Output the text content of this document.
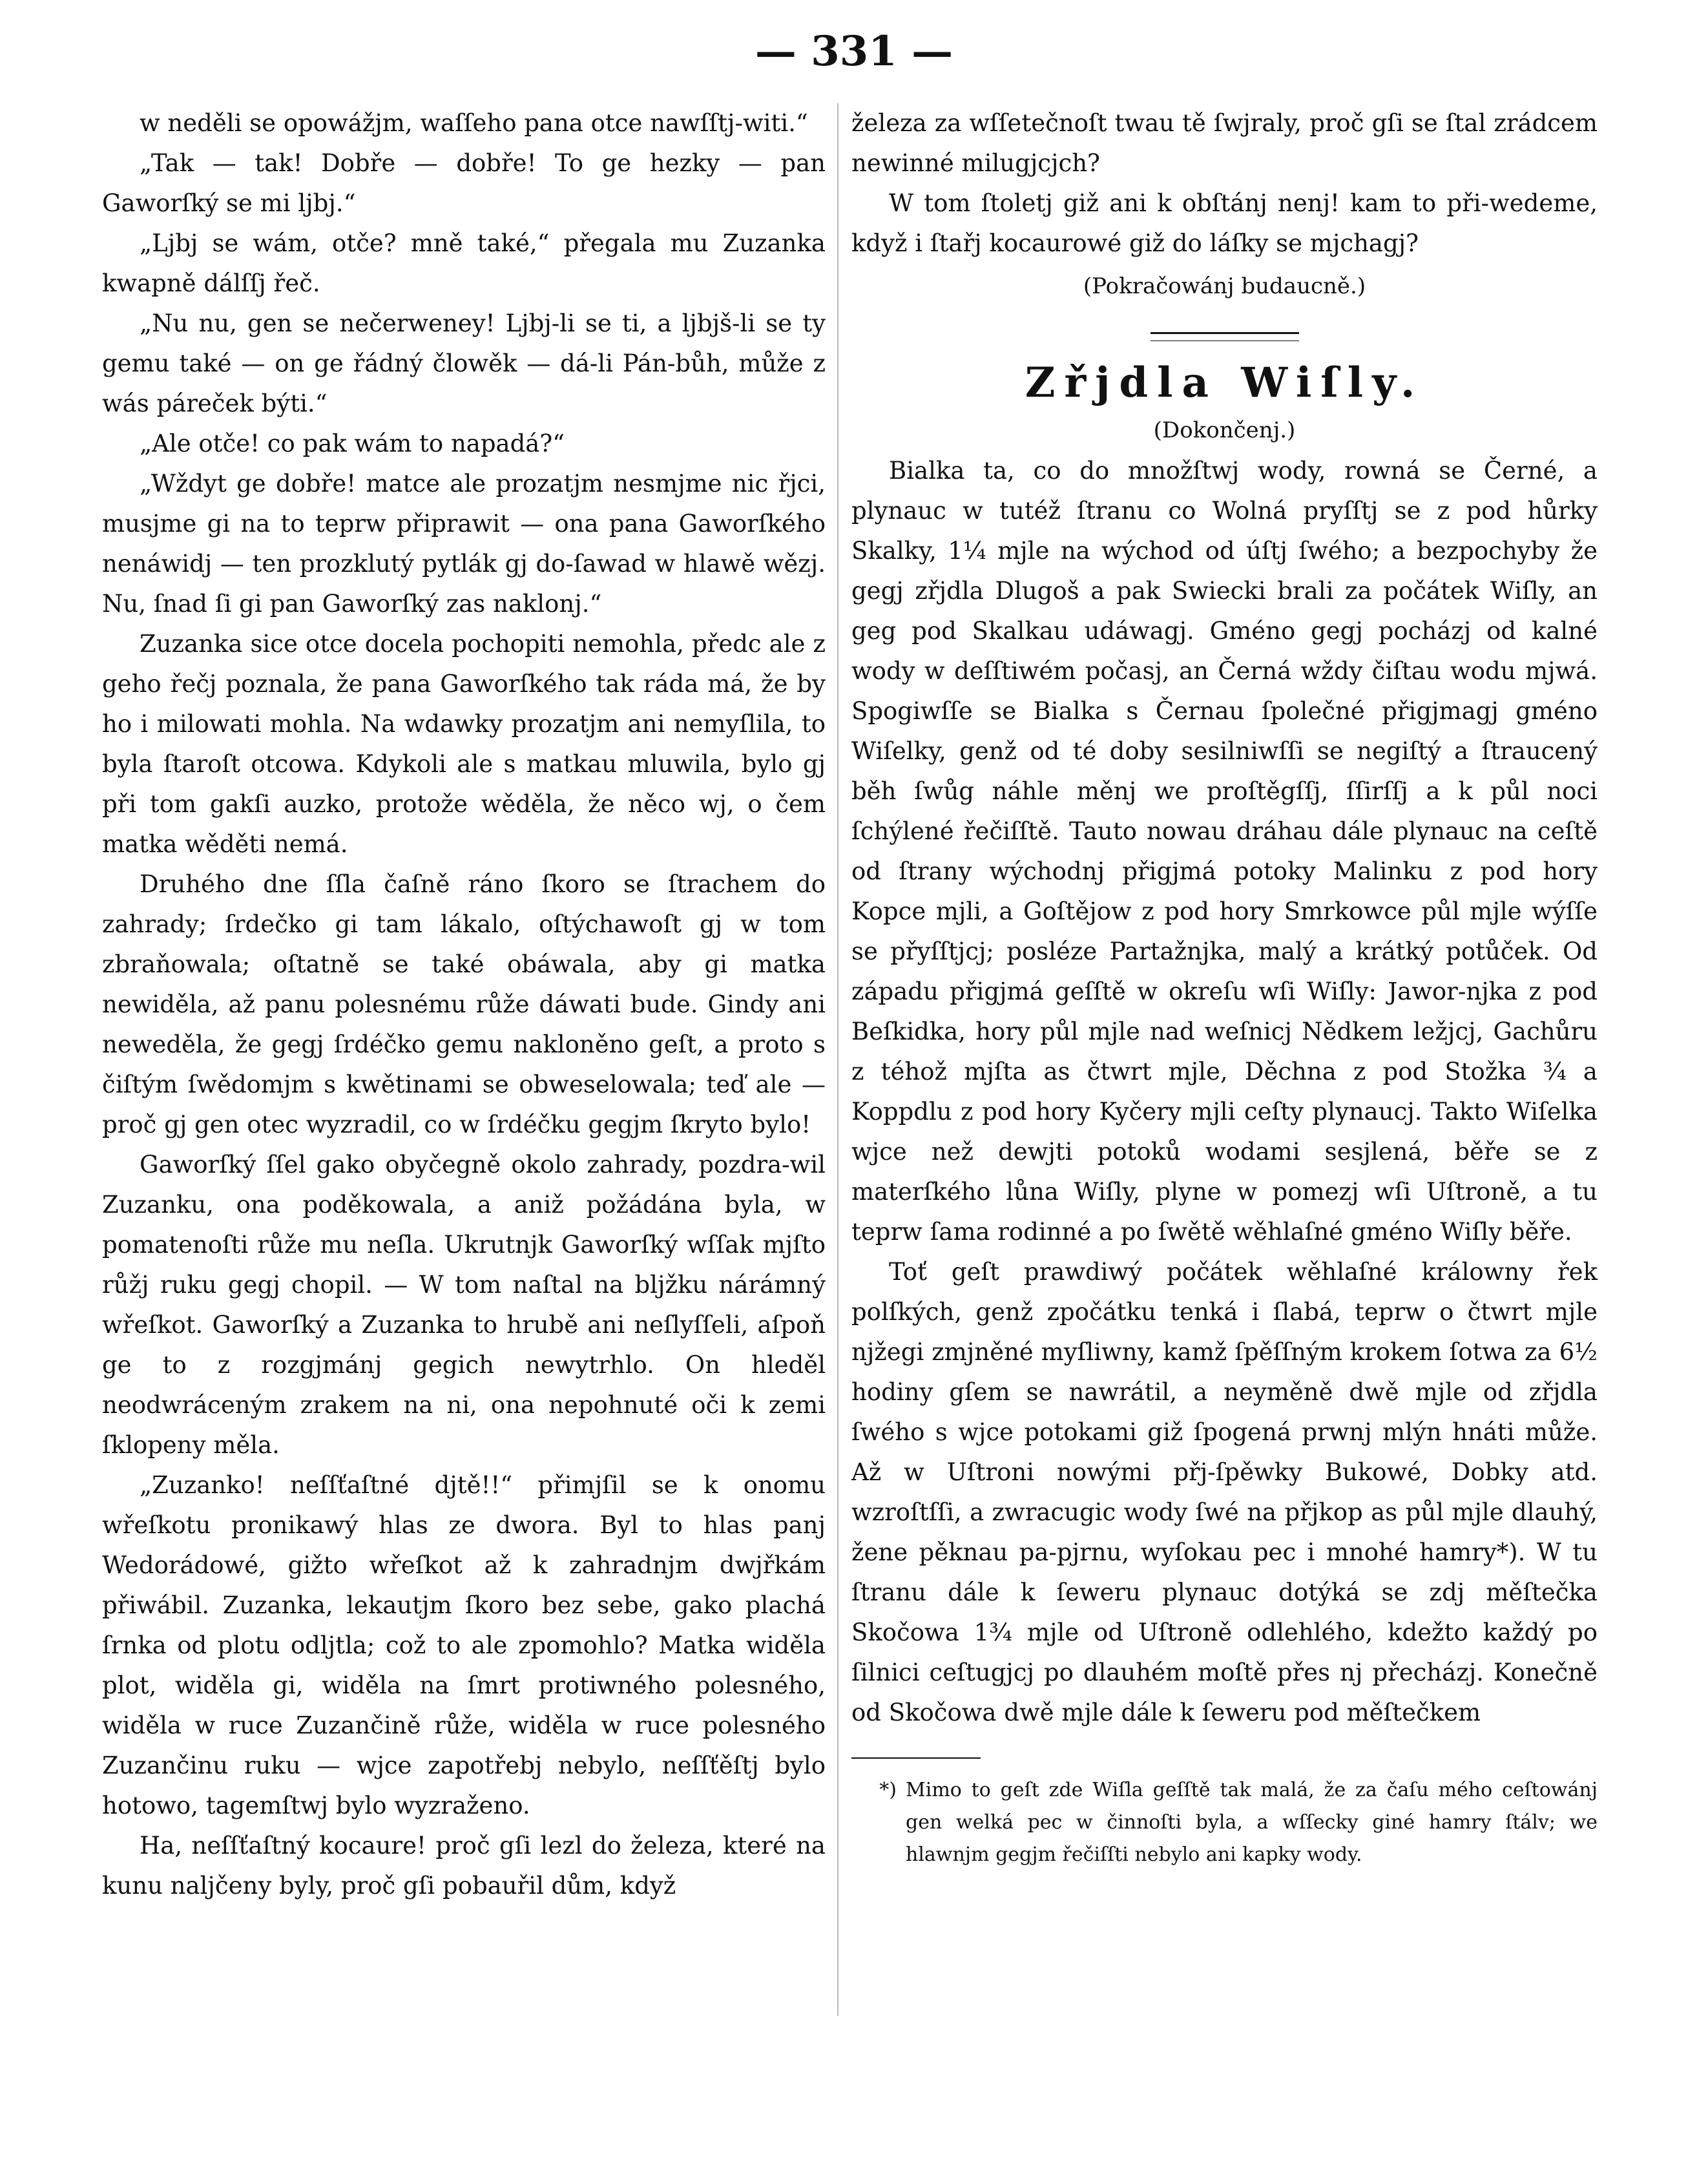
— 331 —

w neděli se opowážjm, waſſeho pana otce nawſſtj‑witi.“

„Tak — tak! Dobře — dobře! To ge hezky — pan Gaworſký se mi ljbj.“

„Ljbj se wám, otče? mně také,“ přegala mu Zuzanka kwapně dálſſj řeč.

„Nu nu, gen se nečerweney! Ljbj‑li se ti, a ljbjš‑li se ty gemu také — on ge řádný člowěk — dá‑li Pán‑bůh, může z wás páreček býti.“

„Ale otče! co pak wám to napadá?“

„Wždyt ge dobře! matce ale prozatjm nesmjme nic řjci, musjme gi na to teprw připrawit — ona pana Gaworſkého nenáwidj — ten prozklutý pytlák gj do‑ſawad w hlawě wězj. Nu, ſnad ſi gi pan Gaworſký zas naklonj.“

Zuzanka sice otce docela pochopiti nemohla, předc ale z geho řečj poznala, že pana Gaworſkého tak ráda má, že by ho i milowati mohla. Na wdawky prozatjm ani nemyſlila, to byla ſtaroſt otcowa. Kdykoli ale s matkau mluwila, bylo gj při tom gakſi auzko, protože wěděla, že něco wj, o čem matka wěděti nemá.

Druhého dne ſſla čaſně ráno ſkoro se ſtrachem do zahrady; ſrdečko gi tam lákalo, oſtýchawoſt gj w tom zbraňowala; oſtatně se také obáwala, aby gi matka newiděla, až panu polesnému růže dáwati bude. Gindy ani neweděla, že gegj ſrdéčko gemu nakloněno geſt, a proto s čiſtým ſwědomjm s kwětinami se obweselowala; teď ale — proč gj gen otec wyzradil, co w ſrdéčku gegjm ſkryto bylo!

Gaworſký ſſel gako obyčegně okolo zahrady, pozdra‑wil Zuzanku, ona poděkowala, a aniž požádána byla, w pomatenoſti růže mu neſla. Ukrutnjk Gaworſký wſſak mjſto růžj ruku gegj chopil. — W tom naſtal na bljžku nárámný wřeſkot. Gaworſký a Zuzanka to hrubě ani neſlyſſeli, aſpoň ge to z rozgjmánj gegich newytrhlo. On hleděl neodwráceným zrakem na ni, ona nepohnuté oči k zemi ſklopeny měla.

„Zuzanko! neſſťaſtné djtě!!“ přimjſil se k onomu wřeſkotu pronikawý hlas ze dwora. Byl to hlas panj Wedorádowé, gižto wřeſkot až k zahradnjm dwjřkám přiwábil. Zuzanka, lekautjm ſkoro bez sebe, gako plachá ſrnka od plotu odljtla; což to ale zpomohlo? Matka widěla plot, widěla gi, widěla na ſmrt protiwného polesného, widěla w ruce Zuzančině růže, widěla w ruce polesného Zuzančinu ruku — wjce zapotřebj nebylo, neſſťěſtj bylo hotowo, tagemſtwj bylo wyzraženo.

Ha, neſſťaſtný kocaure! proč gſi lezl do železa, které na kunu naljčeny byly, proč gſi pobauřil dům, když

železa za wſſetečnoſt twau tě ſwjraly, proč gſi se ſtal zrádcem newinné milugjcjch?

W tom ſtoletj giž ani k obſtánj nenj! kam to při‑wedeme, když i ſtařj kocaurowé giž do láſky se mjchagj?

(Pokračowánj budaucně.)

Zřjdla Wiſly.

(Dokončenj.)

Bialka ta, co do množſtwj wody, rowná se Černé, a plynauc w tutéž ſtranu co Wolná pryſſtj se z pod hůrky Skalky, 1¼ mjle na wýchod od úſtj ſwého; a bezpochyby že gegj zřjdla Dlugoš a pak Swiecki brali za počátek Wiſly, an geg pod Skalkau udáwagj. Gméno gegj pocházj od kalné wody w deſſtiwém počasj, an Černá wždy čiſtau wodu mjwá. Spogiwſſe se Bialka s Černau ſpolečné přigjmagj gméno Wiſelky, genž od té doby sesilniwſſi se negiſtý a ſtraucený běh ſwůg náhle měnj we proſtěgſſj, ſſirſſj a k půl noci ſchýlené řečiſſtě. Tauto nowau dráhau dále plynauc na ceſtě od ſtrany wýchodnj přigjmá potoky Malinku z pod hory Kopce mjli, a Goſtějow z pod hory Smrkowce půl mjle wýſſe se přyſſtjcj; posléze Partažnjka, malý a krátký potůček. Od západu přigjmá geſſtě w okreſu wſi Wiſly: Jawor‑njka z pod Beſkidka, hory půl mjle nad weſnicj Nědkem ležjcj, Gachůru z téhož mjſta as čtwrt mjle, Děchna z pod Stožka ¾ a Koppdlu z pod hory Kyčery mjli ceſty plynaucj. Takto Wiſelka wjce než dewjti potoků wodami sesjlená, běře se z materſkého lůna Wiſly, plyne w pomezj wſi Uſtroně, a tu teprw ſama rodinné a po ſwětě wěhlaſné gméno Wiſly běře.

Toť geſt prawdiwý počátek wěhlaſné králowny řek polſkých, genž zpočátku tenká i ſlabá, teprw o čtwrt mjle njžegi zmjněné myſliwny, kamž ſpěſſným krokem ſotwa za 6½ hodiny gſem se nawrátil, a neyměně dwě mjle od zřjdla ſwého s wjce potokami giž ſpogená prwnj mlýn hnáti může. Až w Uſtroni nowými přj‑ſpěwky Bukowé, Dobky atd. wzroſtſſi, a zwracugic wody ſwé na přjkop as půl mjle dlauhý, žene pěknau pa‑pjrnu, wyſokau pec i mnohé hamry*). W tu ſtranu dále k ſeweru plynauc dotýká se zdj měſtečka Skočowa 1¾ mjle od Uſtroně odlehlého, kdežto každý po ſilnici ceſtugjcj po dlauhém moſtě přes nj přecházj. Konečně od Skočowa dwě mjle dále k ſeweru pod měſtečkem

*) Mimo to geſt zde Wiſla geſſtě tak malá, že za čaſu mého ceſtowánj gen welká pec w činnoſti byla, a wſſecky giné hamry ſtálv; we hlawnjm gegjm řečiſſti nebylo ani kapky wody.
